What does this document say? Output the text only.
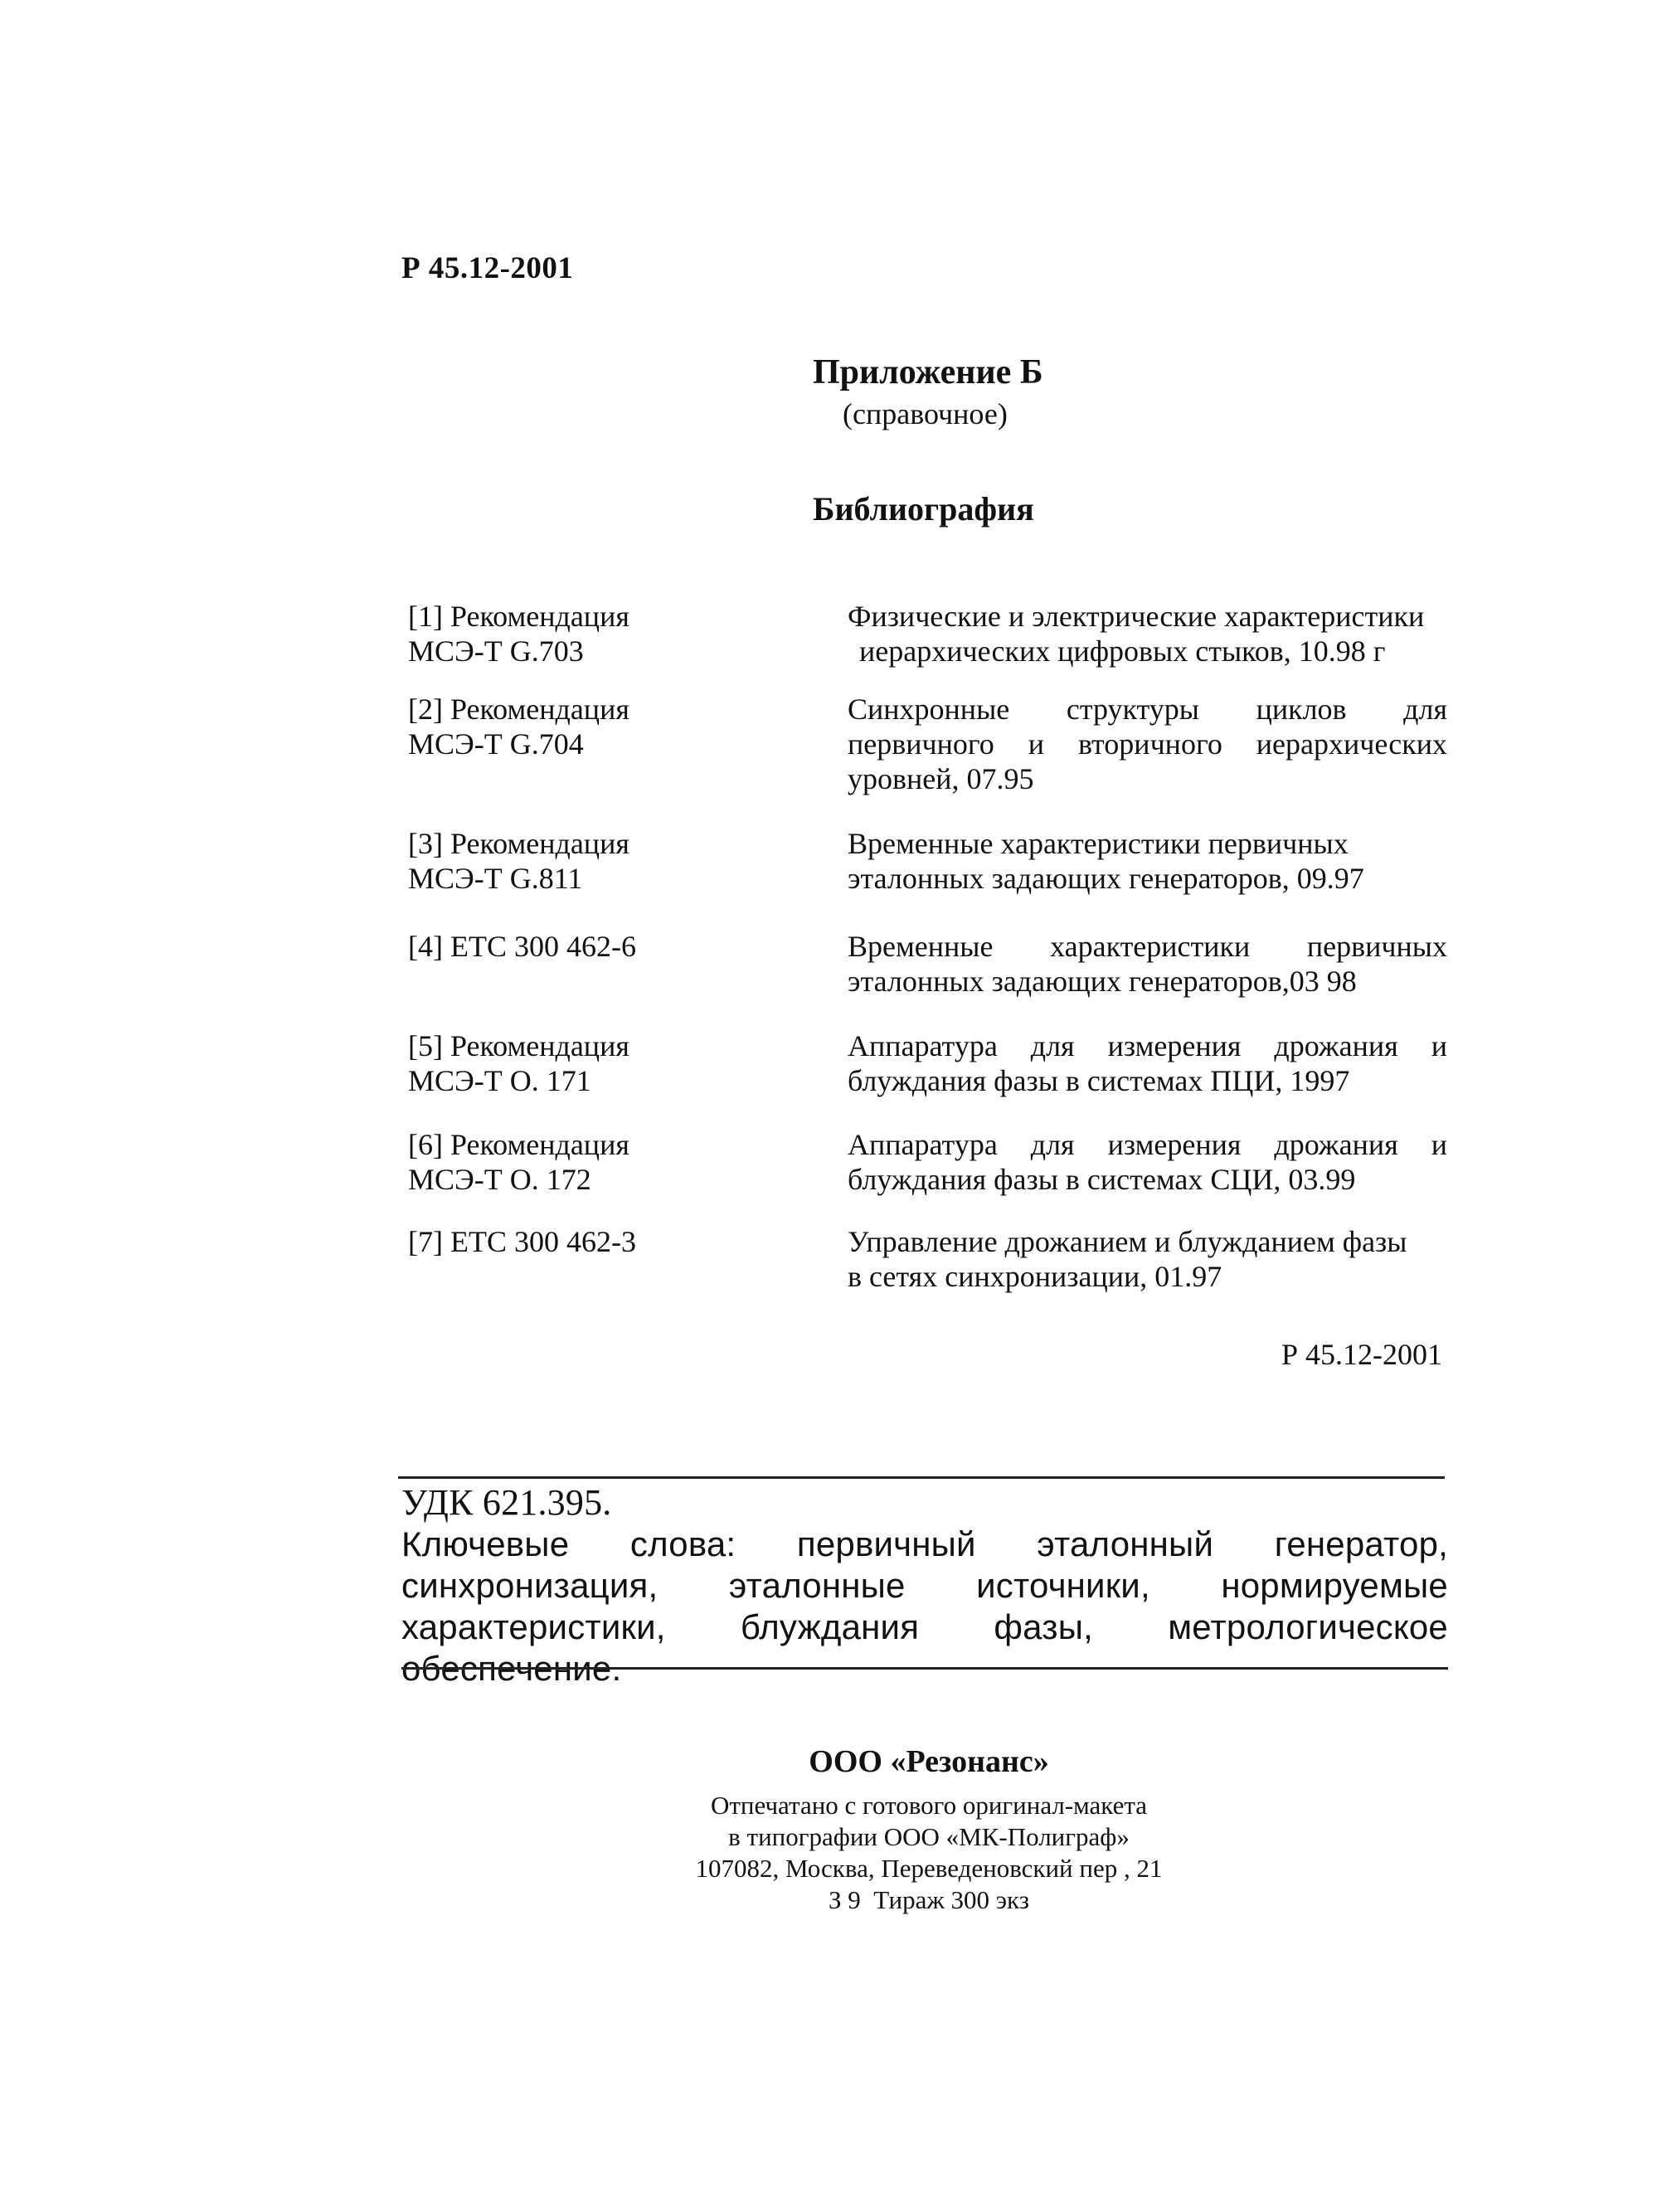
Р 45.12-2001
Приложение Б
(справочное)
Библиография
[1] Рекомендация
МСЭ-Т G.703
Физические и электрические характеристики
иерархических цифровых стыков, 10.98 г
[2] Рекомендация
МСЭ-Т G.704
Синхронные структуры циклов для
первичного и вторичного иерархических
уровней, 07.95
[3] Рекомендация
МСЭ-Т G.811
Временные характеристики первичных
эталонных задающих генераторов, 09.97
[4] ЕТС 300 462-6	Временные характеристики первичных
эталонных задающих генераторов,03 98
[5] Рекомендация
МСЭ-Т О. 171
Аппаратура для измерения дрожания и
блуждания фазы в системах ПЦИ, 1997
[6] Рекомендация
МСЭ-Т О. 172
Аппаратура для измерения дрожания и
блуждания фазы в системах СЦИ, 03.99
[7] ЕТС 300 462-3	Управление дрожанием и блужданием фазы
в сетях синхронизации, 01.97
Р 45.12-2001
УДК 621.395.
Ключевые слова: первичный эталонный генератор, синхронизация, эталонные источники, нормируемые характеристики, блуждания фазы, метрологическое обеспечение.
ООО «Резонанс»
Отпечатано с готового оригинал-макета
в типографии ООО «МК-Полиграф»
107082, Москва, Переведеновский пер , 21
З 9  Тираж 300 экз
